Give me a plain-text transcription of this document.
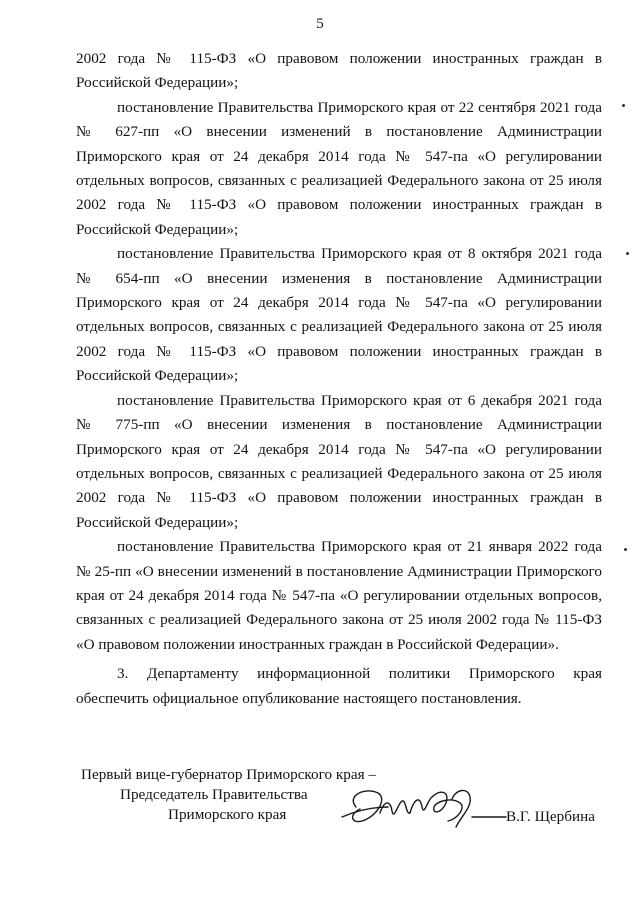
5

2002 года № 115-ФЗ «О правовом положении иностранных граждан в Российской Федерации»;

постановление Правительства Приморского края от 22 сентября 2021 года № 627-пп «О внесении изменений в постановление Администрации Приморского края от 24 декабря 2014 года № 547-па «О регулировании отдельных вопросов, связанных с реализацией Федерального закона от 25 июля 2002 года № 115-ФЗ «О правовом положении иностранных граждан в Российской Федерации»;

постановление Правительства Приморского края от 8 октября 2021 года № 654-пп «О внесении изменения в постановление Администрации Приморского края от 24 декабря 2014 года № 547-па «О регулировании отдельных вопросов, связанных с реализацией Федерального закона от 25 июля 2002 года № 115-ФЗ «О правовом положении иностранных граждан в Российской Федерации»;

постановление Правительства Приморского края от 6 декабря 2021 года № 775-пп «О внесении изменения в постановление Администрации Приморского края от 24 декабря 2014 года № 547-па «О регулировании отдельных вопросов, связанных с реализацией Федерального закона от 25 июля 2002 года № 115-ФЗ «О правовом положении иностранных граждан в Российской Федерации»;

постановление Правительства Приморского края от 21 января 2022 года № 25-пп «О внесении изменений в постановление Администрации Приморского края от 24 декабря 2014 года № 547-па «О регулировании отдельных вопросов, связанных с реализацией Федерального закона от 25 июля 2002 года № 115-ФЗ «О правовом положении иностранных граждан в Российской Федерации».

3. Департаменту информационной политики Приморского края обеспечить официальное опубликование настоящего постановления.

Первый вице-губернатор Приморского края –
Председатель Правительства
Приморского края	В.Г. Щербина
